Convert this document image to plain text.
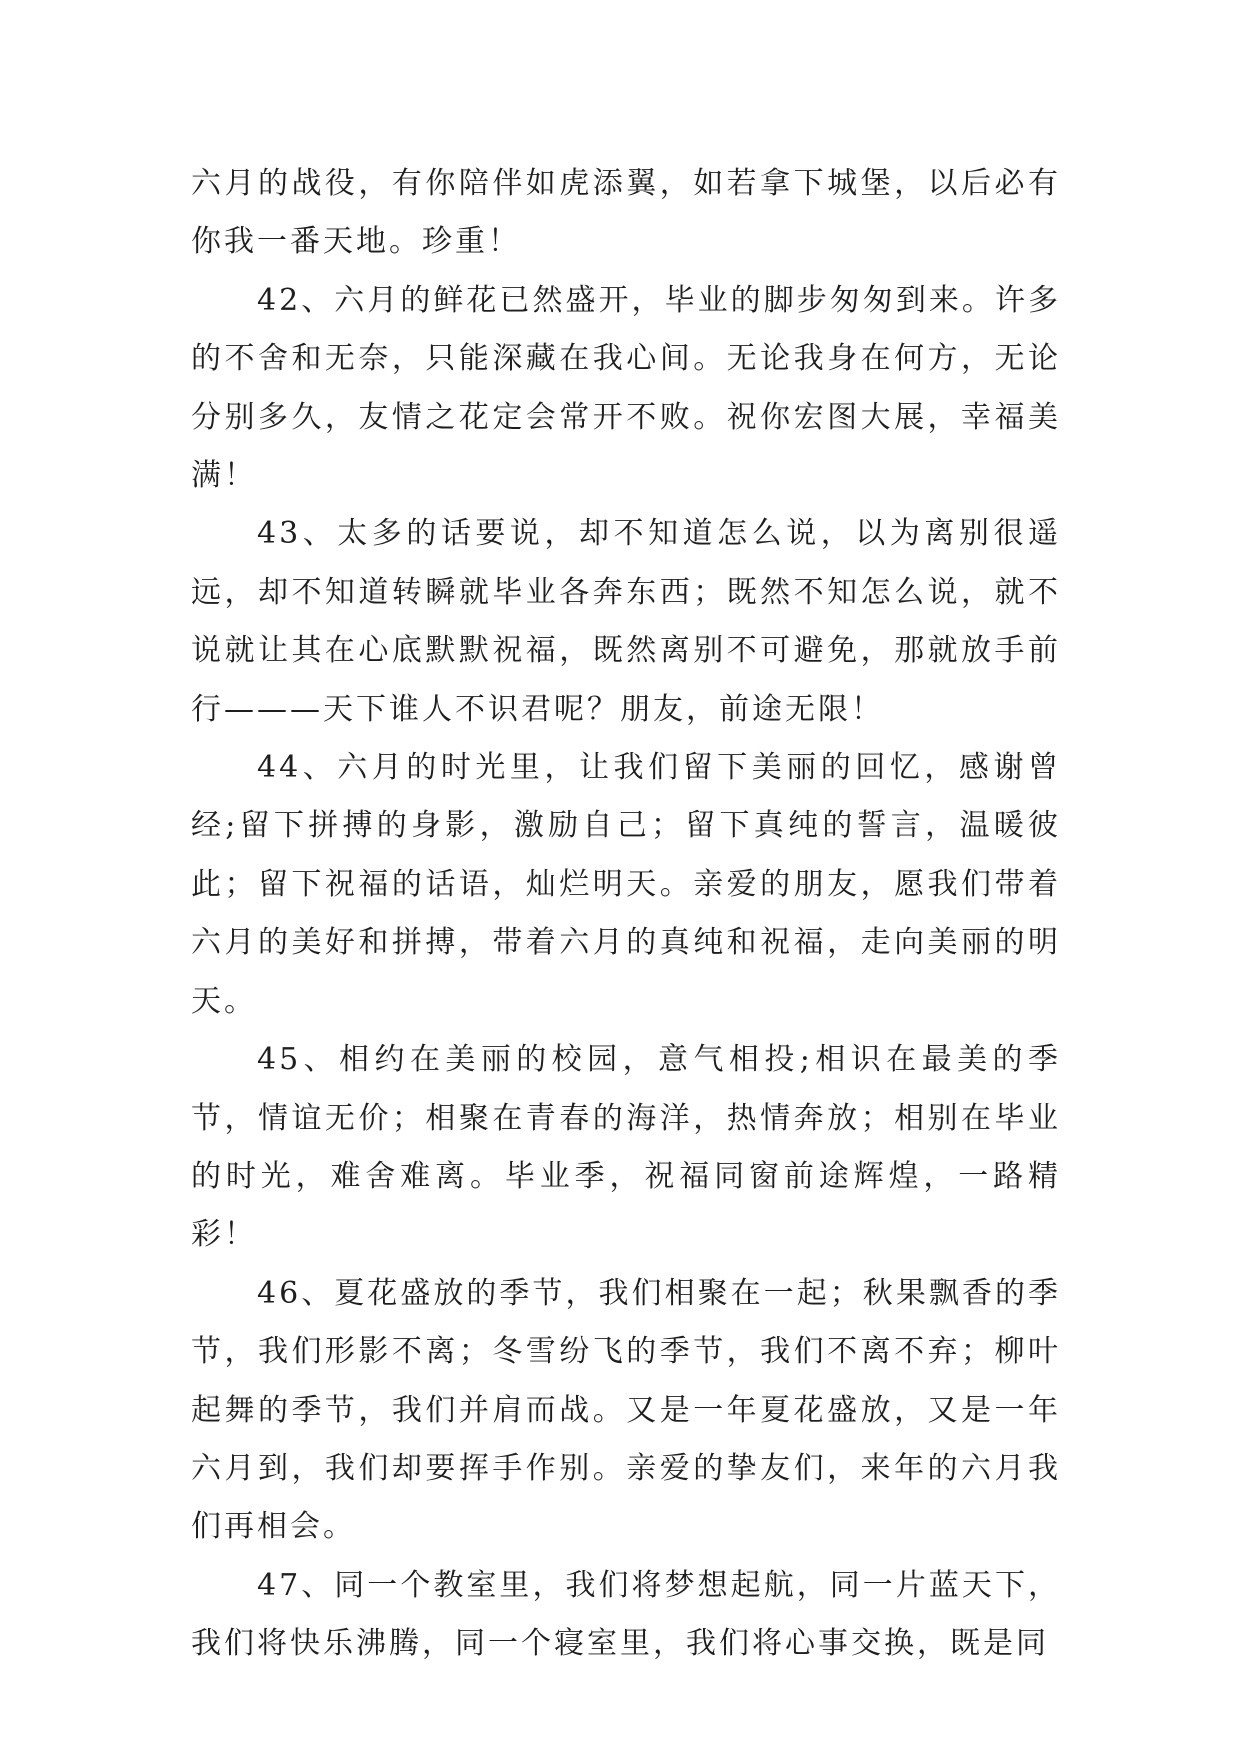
六月的战役，有你陪伴如虎添翼，如若拿下城堡，以后必有你我一番天地。珍重！

42、六月的鲜花已然盛开，毕业的脚步匆匆到来。许多的不舍和无奈，只能深藏在我心间。无论我身在何方，无论分别多久，友情之花定会常开不败。祝你宏图大展，幸福美满！

43、太多的话要说，却不知道怎么说，以为离别很遥远，却不知道转瞬就毕业各奔东西；既然不知怎么说，就不说就让其在心底默默祝福，既然离别不可避免，那就放手前行———天下谁人不识君呢？朋友，前途无限！

44、六月的时光里，让我们留下美丽的回忆，感谢曾经;留下拼搏的身影，激励自己；留下真纯的誓言，温暖彼此；留下祝福的话语，灿烂明天。亲爱的朋友，愿我们带着六月的美好和拼搏，带着六月的真纯和祝福，走向美丽的明天。

45、相约在美丽的校园，意气相投;相识在最美的季节，情谊无价；相聚在青春的海洋，热情奔放；相别在毕业的时光，难舍难离。毕业季，祝福同窗前途辉煌，一路精彩！

46、夏花盛放的季节，我们相聚在一起；秋果飘香的季节，我们形影不离；冬雪纷飞的季节，我们不离不弃；柳叶起舞的季节，我们并肩而战。又是一年夏花盛放，又是一年六月到，我们却要挥手作别。亲爱的挚友们，来年的六月我们再相会。

47、同一个教室里，我们将梦想起航，同一片蓝天下，我们将快乐沸腾，同一个寝室里，我们将心事交换，既是同
